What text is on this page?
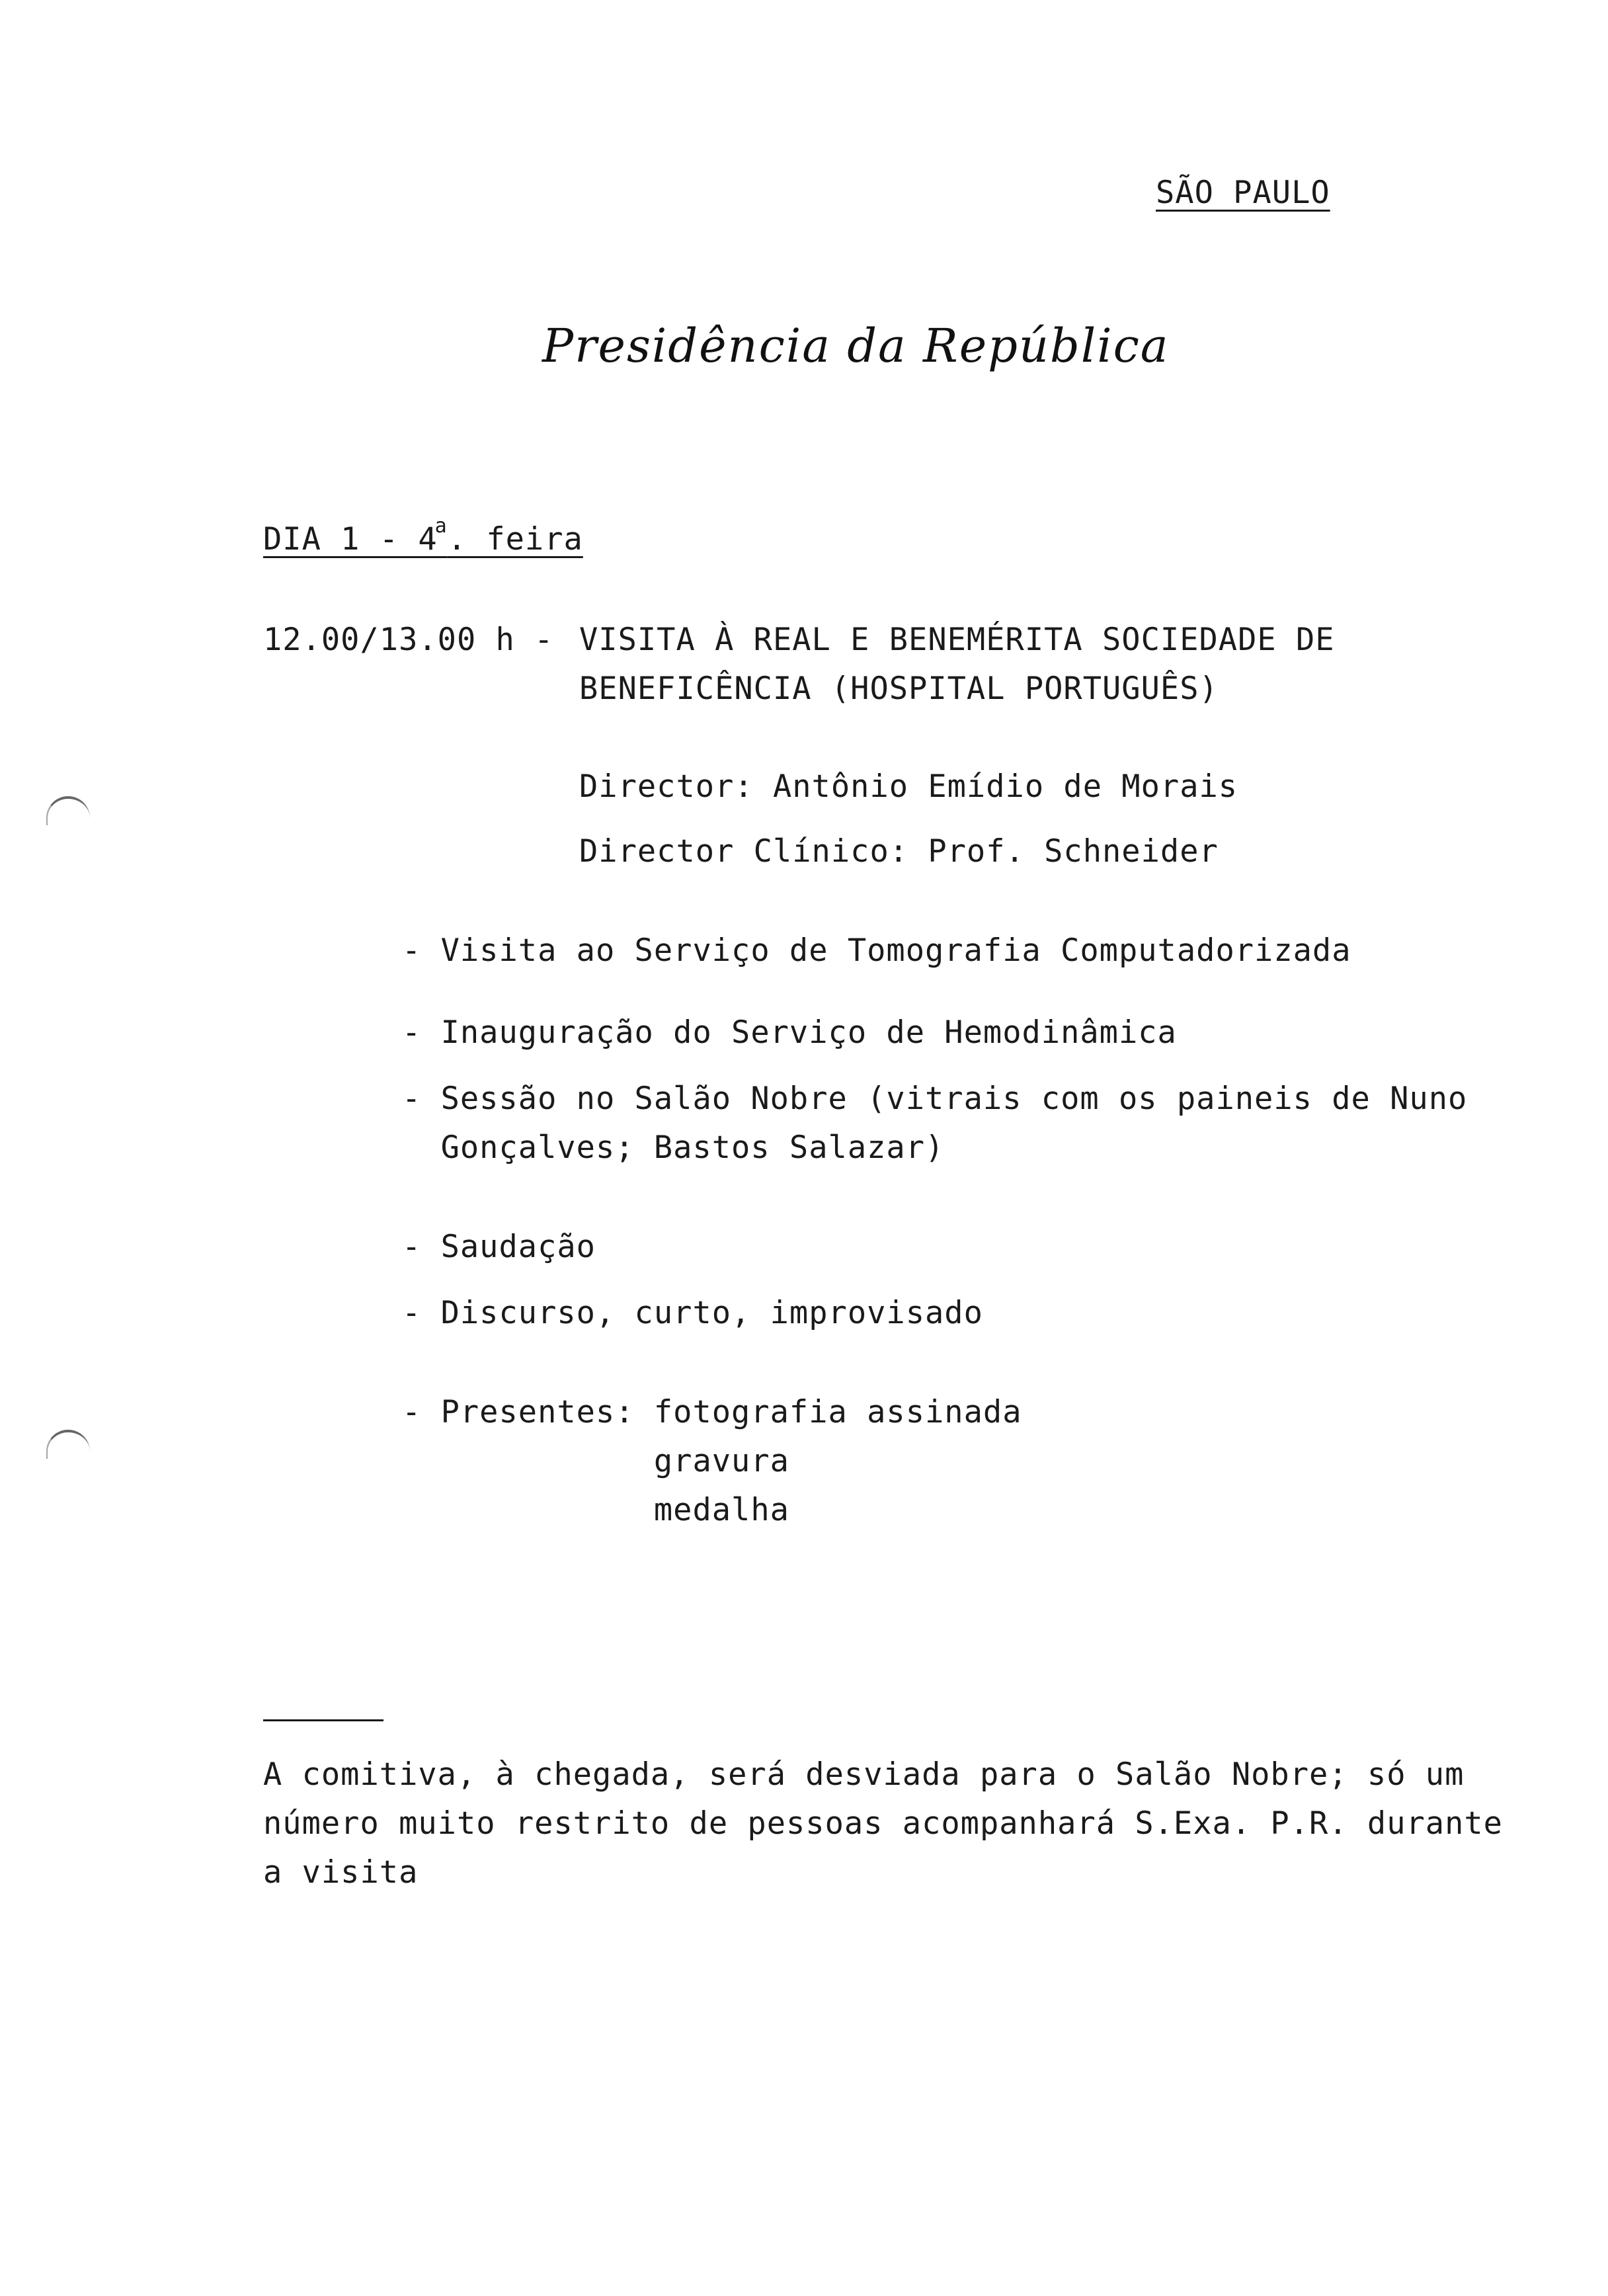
SÃO PAULO
Presidência da República
DIA 1 - 4$^a$. feira
12.00/13.00 h - VISITA À REAL E BENEMÉRITA SOCIEDADE DE
BENEFICÊNCIA (HOSPITAL PORTUGUÊS)
Director: Antônio Emídio de Morais
Director Clínico: Prof. Schneider
- Visita ao Serviço de Tomografia Computadorizada
- Inauguração do Serviço de Hemodinâmica
- Sessão no Salão Nobre (vitrais com os paineis de Nuno
Gonçalves; Bastos Salazar)
- Saudação
- Discurso, curto, improvisado
- Presentes: fotografia assinada
gravura
medalha
A comitiva, à chegada, será desviada para o Salão Nobre; só um
número muito restrito de pessoas acompanhará S.Exa. P.R. durante
a visita
